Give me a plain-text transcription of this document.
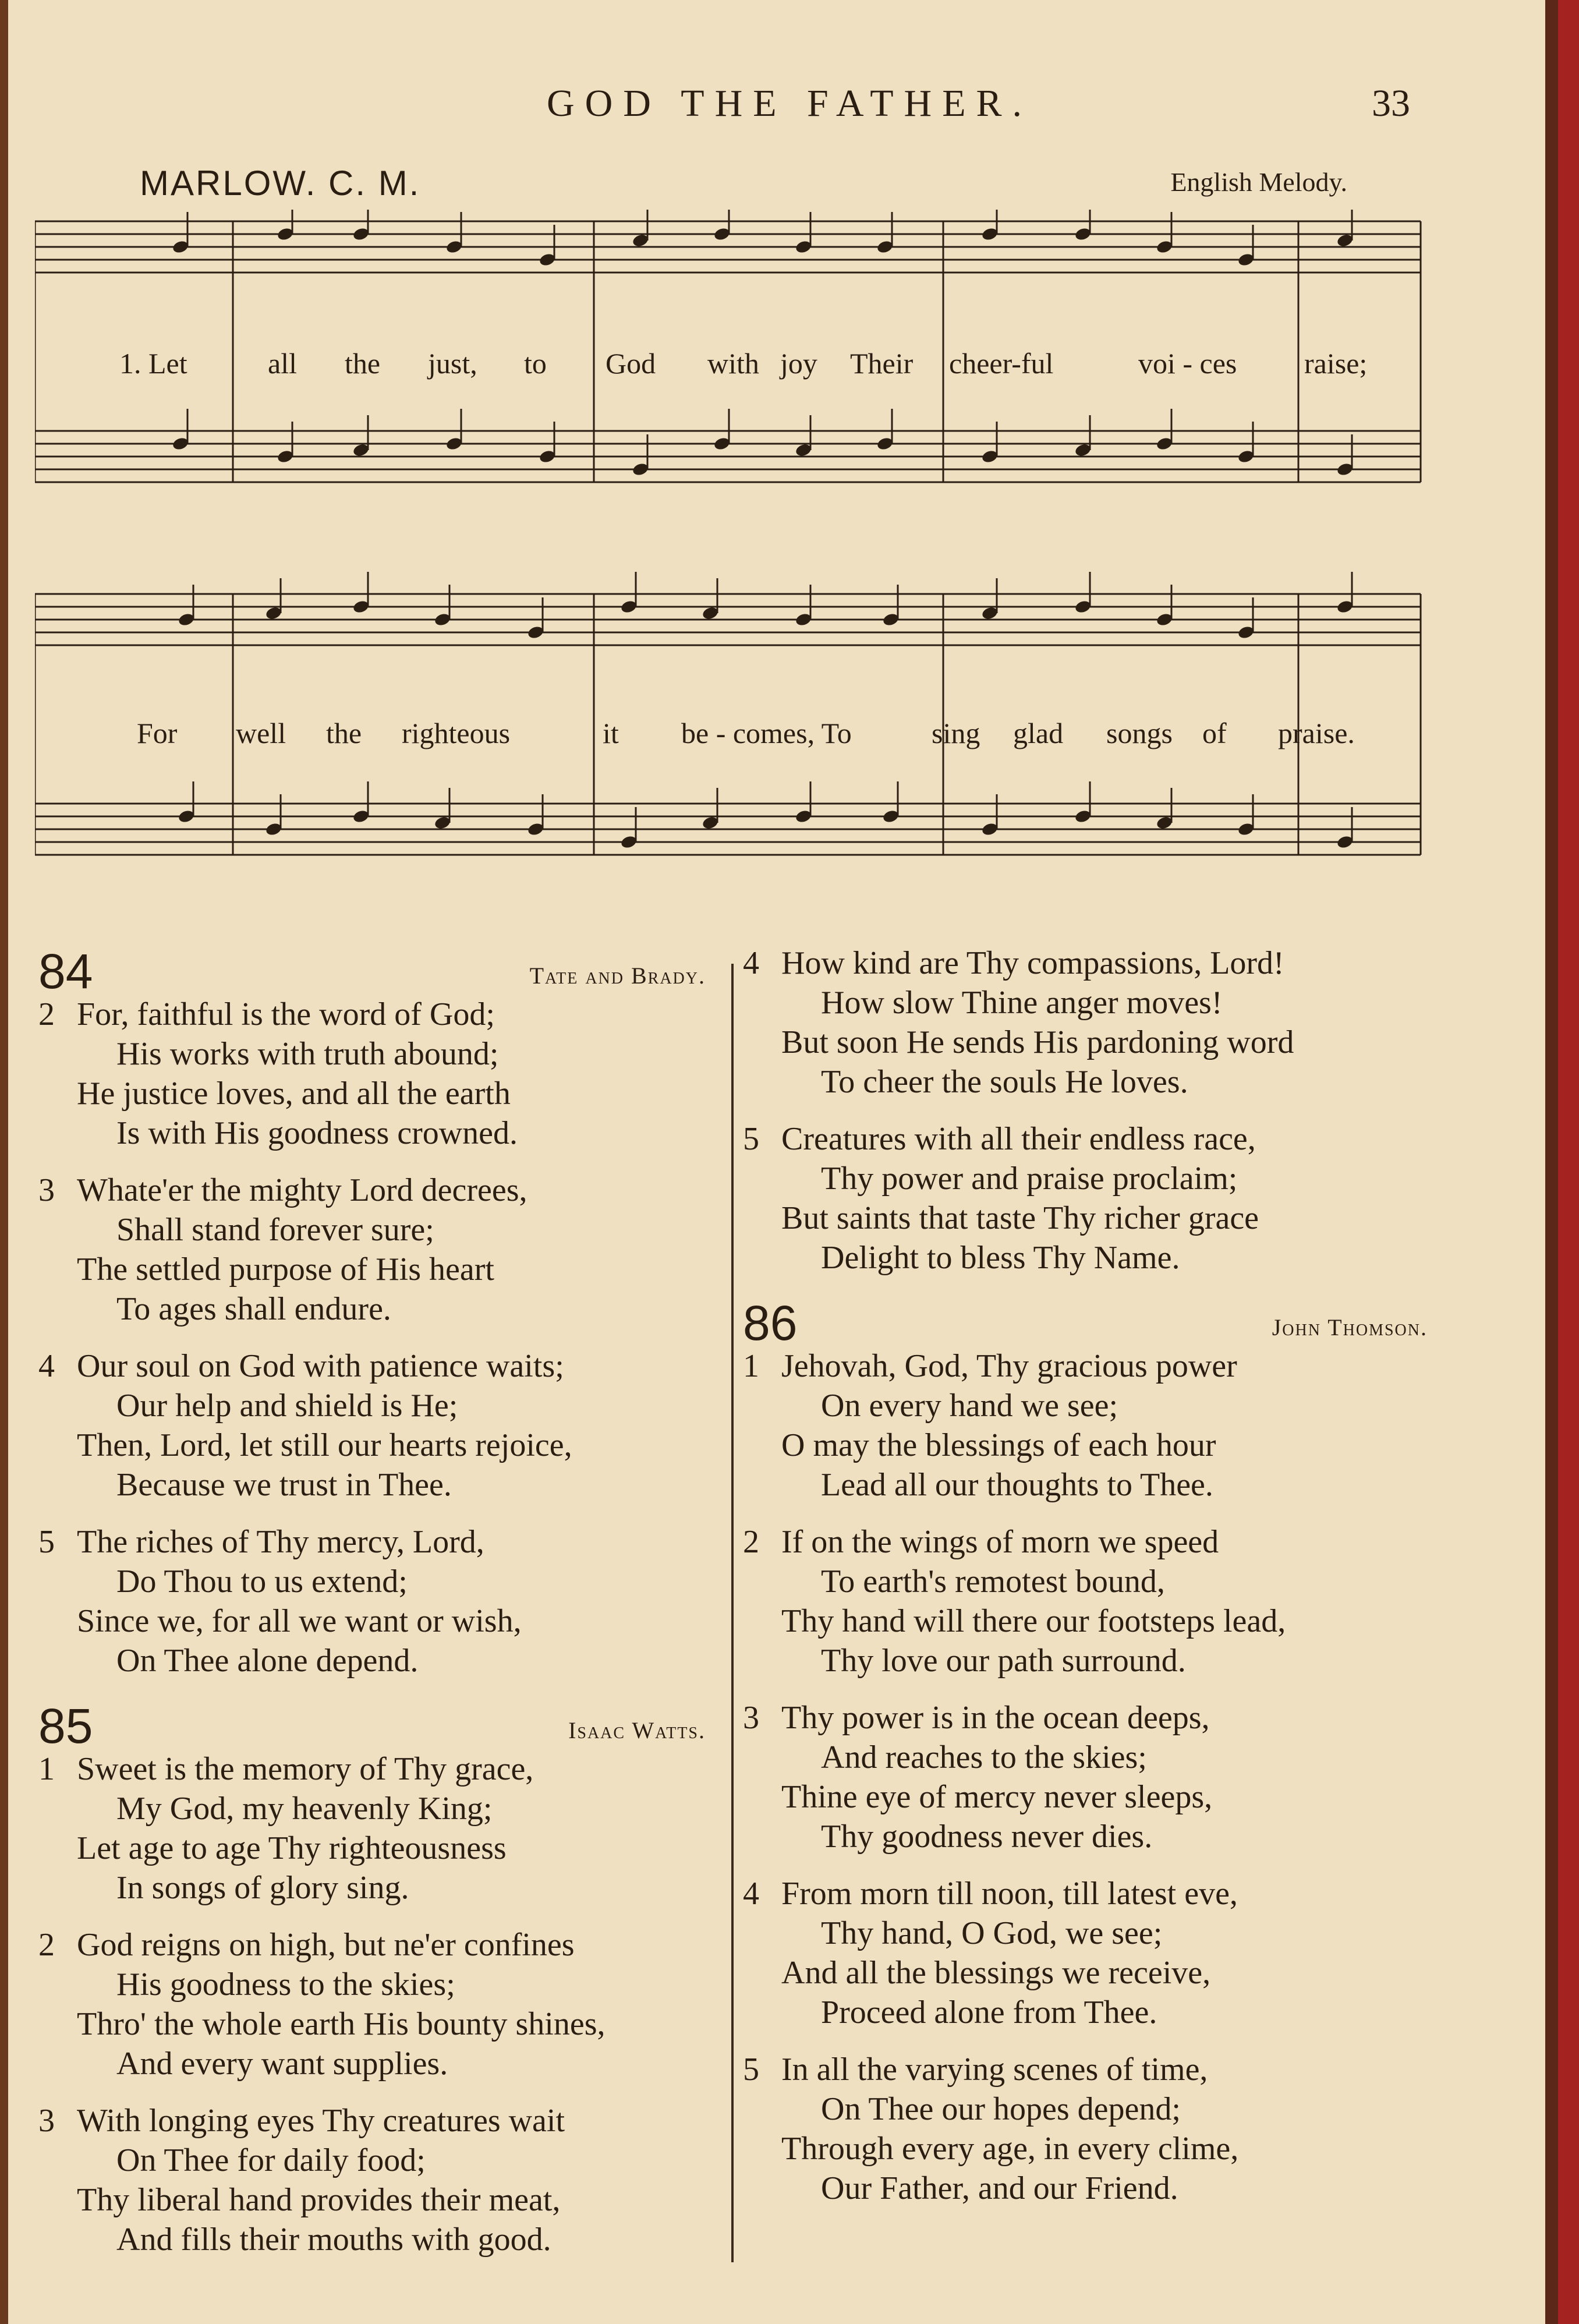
GOD THE FATHER.	33
MARLOW. C. M.	English Melody.
1. Let	all the just, to God with joy Their cheer-ful	voi - ces raise;
For well the righteous	it be - comes, To	sing glad songs of praise.
84	Tate and Brady.
2 For, faithful is the word of God;
His works with truth abound;
He justice loves, and all the earth
Is with His goodness crowned.
3 Whate'er the mighty Lord decrees,
Shall stand forever sure;
The settled purpose of His heart
To ages shall endure.
4 Our soul on God with patience waits;
Our help and shield is He;
Then, Lord, let still our hearts rejoice,
Because we trust in Thee.
5 The riches of Thy mercy, Lord,
Do Thou to us extend;
Since we, for all we want or wish,
On Thee alone depend.
85	Isaac Watts.
1 Sweet is the memory of Thy grace,
My God, my heavenly King;
Let age to age Thy righteousness
In songs of glory sing.
2 God reigns on high, but ne'er confines
His goodness to the skies;
Thro' the whole earth His bounty shines,
And every want supplies.
3 With longing eyes Thy creatures wait
On Thee for daily food;
Thy liberal hand provides their meat,
And fills their mouths with good.
4 How kind are Thy compassions, Lord!
How slow Thine anger moves!
But soon He sends His pardoning word
To cheer the souls He loves.
5 Creatures with all their endless race,
Thy power and praise proclaim;
But saints that taste Thy richer grace
Delight to bless Thy Name.
86	John Thomson.
1 Jehovah, God, Thy gracious power
On every hand we see;
O may the blessings of each hour
Lead all our thoughts to Thee.
2 If on the wings of morn we speed
To earth's remotest bound,
Thy hand will there our footsteps lead,
Thy love our path surround.
3 Thy power is in the ocean deeps,
And reaches to the skies;
Thine eye of mercy never sleeps,
Thy goodness never dies.
4 From morn till noon, till latest eve,
Thy hand, O God, we see;
And all the blessings we receive,
Proceed alone from Thee.
5 In all the varying scenes of time,
On Thee our hopes depend;
Through every age, in every clime,
Our Father, and our Friend.
